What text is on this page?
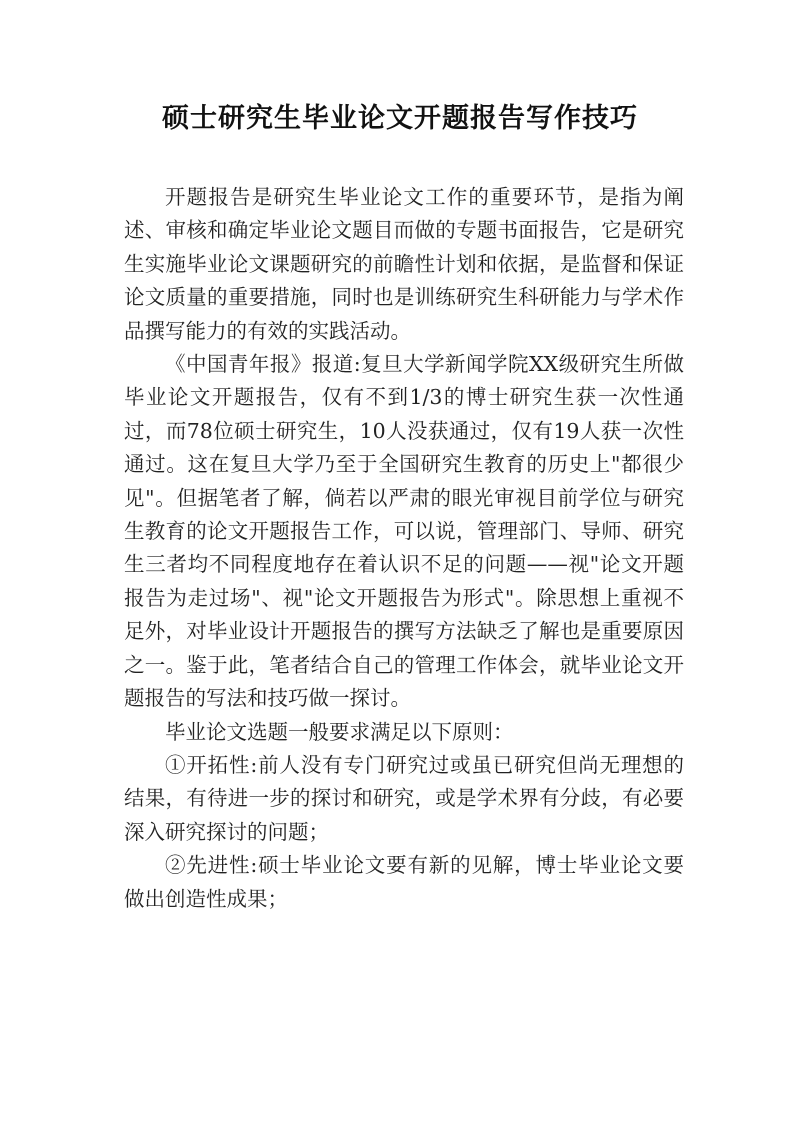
硕士研究生毕业论文开题报告写作技巧

开题报告是研究生毕业论文工作的重要环节，是指为阐述、审核和确定毕业论文题目而做的专题书面报告，它是研究生实施毕业论文课题研究的前瞻性计划和依据，是监督和保证论文质量的重要措施，同时也是训练研究生科研能力与学术作品撰写能力的有效的实践活动。

《中国青年报》报道:复旦大学新闻学院XX级研究生所做毕业论文开题报告，仅有不到1/3的博士研究生获一次性通过，而78位硕士研究生，10人没获通过，仅有19人获一次性通过。这在复旦大学乃至于全国研究生教育的历史上"都很少见"。但据笔者了解，倘若以严肃的眼光审视目前学位与研究生教育的论文开题报告工作，可以说，管理部门、导师、研究生三者均不同程度地存在着认识不足的问题——视"论文开题报告为走过场"、视"论文开题报告为形式"。除思想上重视不足外，对毕业设计开题报告的撰写方法缺乏了解也是重要原因之一。鉴于此，笔者结合自己的管理工作体会，就毕业论文开题报告的写法和技巧做一探讨。

毕业论文选题一般要求满足以下原则：

①开拓性:前人没有专门研究过或虽已研究但尚无理想的结果，有待进一步的探讨和研究，或是学术界有分歧，有必要深入研究探讨的问题；

②先进性:硕士毕业论文要有新的见解，博士毕业论文要做出创造性成果；
